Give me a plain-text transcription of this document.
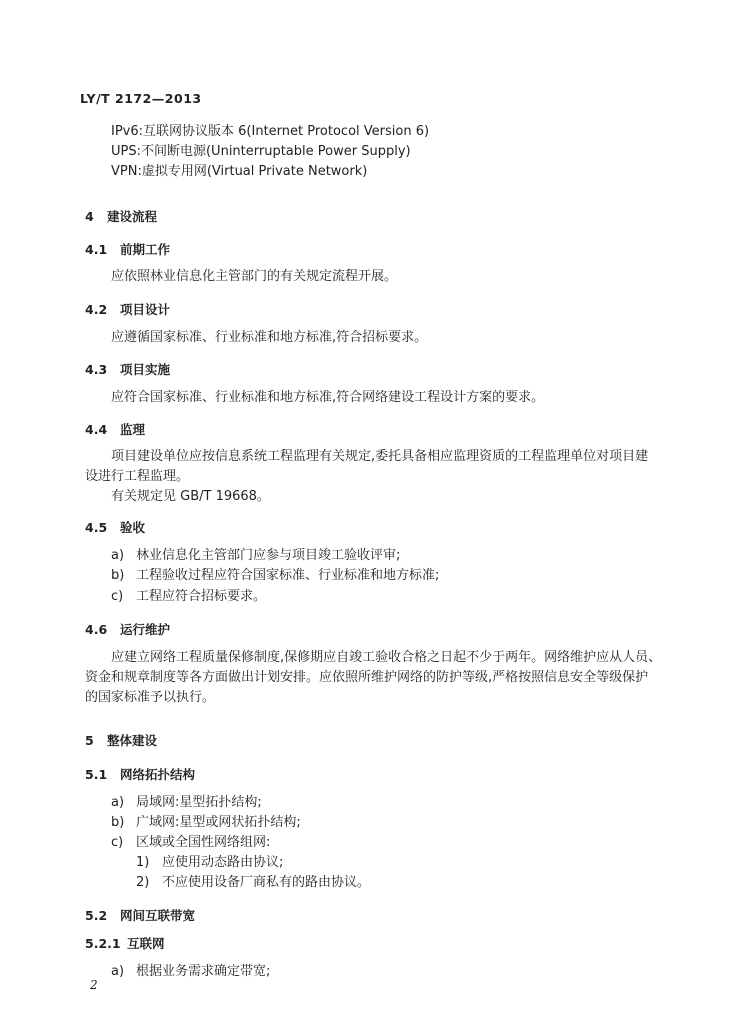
LY/T 2172—2013
IPv6:互联网协议版本 6(Internet Protocol Version 6)
UPS:不间断电源(Uninterruptable Power Supply)
VPN:虚拟专用网(Virtual Private Network)
4 建设流程
4.1 前期工作
应依照林业信息化主管部门的有关规定流程开展。
4.2 项目设计
应遵循国家标准、行业标准和地方标准,符合招标要求。
4.3 项目实施
应符合国家标准、行业标准和地方标准,符合网络建设工程设计方案的要求。
4.4 监理
项目建设单位应按信息系统工程监理有关规定,委托具备相应监理资质的工程监理单位对项目建
设进行工程监理。
有关规定见 GB/T 19668。
4.5 验收
a) 林业信息化主管部门应参与项目竣工验收评审;
b) 工程验收过程应符合国家标准、行业标准和地方标准;
c) 工程应符合招标要求。
4.6 运行维护
应建立网络工程质量保修制度,保修期应自竣工验收合格之日起不少于两年。网络维护应从人员、
资金和规章制度等各方面做出计划安排。应依照所维护网络的防护等级,严格按照信息安全等级保护
的国家标准予以执行。
5 整体建设
5.1 网络拓扑结构
a) 局域网:星型拓扑结构;
b) 广域网:星型或网状拓扑结构;
c) 区域或全国性网络组网:
1) 应使用动态路由协议;
2) 不应使用设备厂商私有的路由协议。
5.2 网间互联带宽
5.2.1 互联网
a) 根据业务需求确定带宽;
2
